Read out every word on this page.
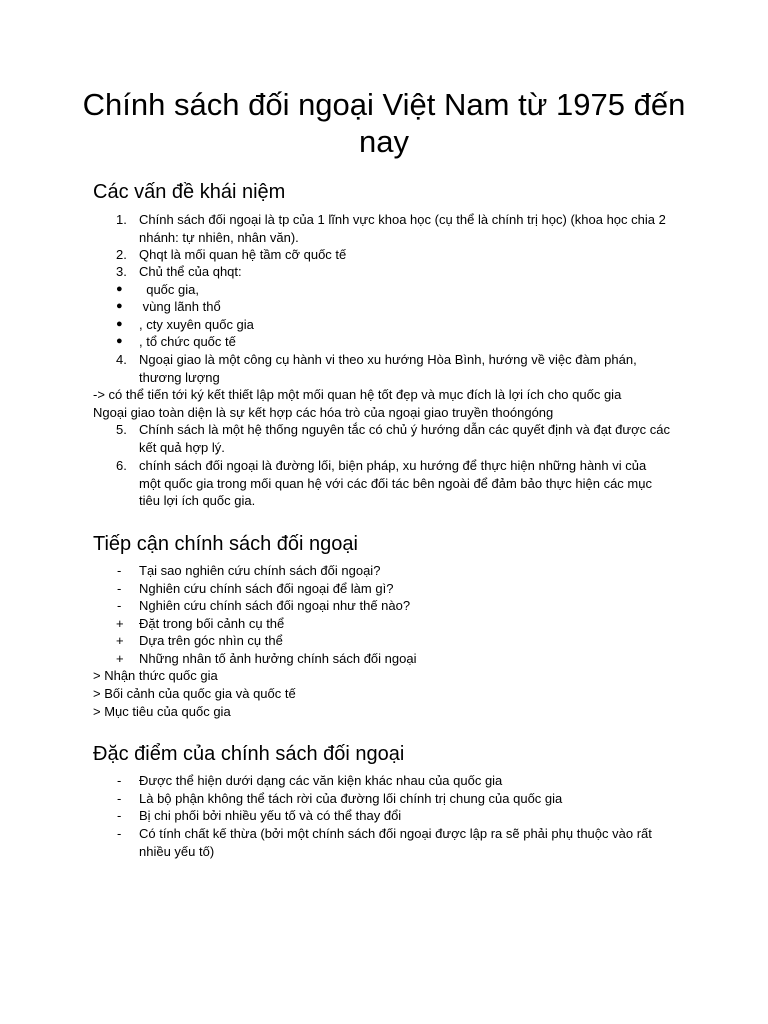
Chính sách đối ngoại Việt Nam từ 1975 đến nay
Các vấn đề khái niệm
1. Chính sách đối ngoại là tp của 1 lĩnh vực khoa học (cụ thể là chính trị học) (khoa học chia 2 nhánh: tự nhiên, nhân văn).
2. Qhqt là mối quan hệ tầm cỡ quốc tế
3. Chủ thể của qhqt:
● quốc gia,
● vùng lãnh thổ
● , cty xuyên quốc gia
● , tổ chức quốc tế
4. Ngoại giao là một công cụ hành vi theo xu hướng Hòa Bình, hướng về việc đàm phán, thương lượng
-> có thể tiến tới ký kết thiết lập một mối quan hệ tốt đẹp và mục đích là lợi ích cho quốc gia
Ngoại giao toàn diện là sự kết hợp các hóa trò của ngoại giao truyền thoóngóng
5. Chính sách là một hệ thống nguyên tắc có chủ ý hướng dẫn các quyết định và đạt được các kết quả hợp lý.
6. chính sách đối ngoại là đường lối, biện pháp, xu hướng để thực hiện những hành vi của một quốc gia trong mối quan hệ với các đối tác bên ngoài để đảm bảo thực hiện các mục tiêu lợi ích quốc gia.
Tiếp cận chính sách đối ngoại
- Tại sao nghiên cứu chính sách đối ngoại?
- Nghiên cứu chính sách đối ngoại để làm gì?
- Nghiên cứu chính sách đối ngoại như thế nào?
+ Đặt trong bối cảnh cụ thể
+ Dựa trên góc nhìn cụ thể
+ Những nhân tố ảnh hưởng chính sách đối ngoại
> Nhận thức quốc gia
> Bối cảnh của quốc gia và quốc tế
> Mục tiêu của quốc gia
Đặc điểm của chính sách đối ngoại
- Được thể hiện dưới dạng các văn kiện khác nhau của quốc gia
- Là bộ phận không thể tách rời của đường lối chính trị chung của quốc gia
- Bị chi phối bởi nhiều yếu tố và có thể thay đổi
- Có tính chất kế thừa (bởi một chính sách đối ngoại được lập ra sẽ phải phụ thuộc vào rất nhiều yếu tố)
